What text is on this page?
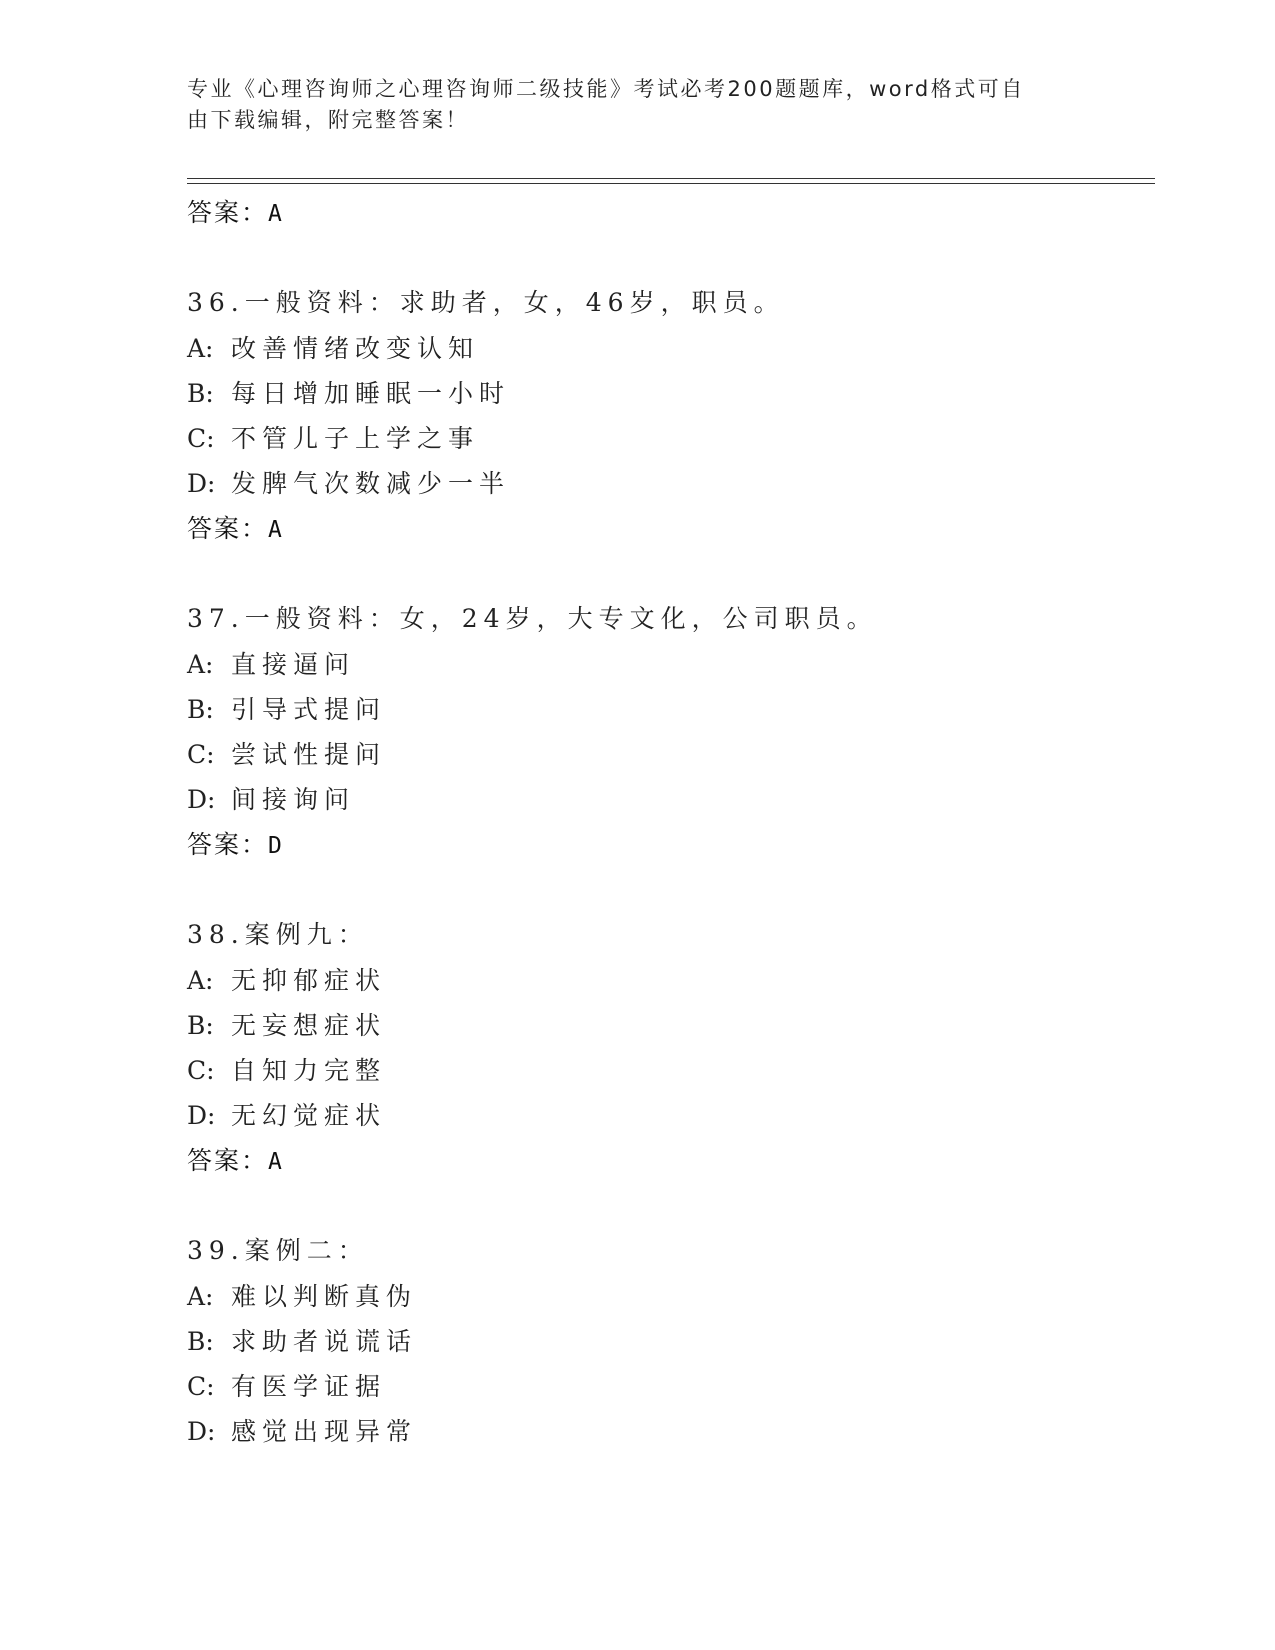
专业《心理咨询师之心理咨询师二级技能》考试必考200题题库，word格式可自
由下载编辑，附完整答案！
答案：A
36.一般资料：求助者，女，46岁，职员。
A: 改善情绪改变认知
B: 每日增加睡眠一小时
C: 不管儿子上学之事
D: 发脾气次数减少一半
答案：A
37.一般资料：女，24岁，大专文化，公司职员。
A: 直接逼问
B: 引导式提问
C: 尝试性提问
D: 间接询问
答案：D
38.案例九：
A: 无抑郁症状
B: 无妄想症状
C: 自知力完整
D: 无幻觉症状
答案：A
39.案例二：
A: 难以判断真伪
B: 求助者说谎话
C: 有医学证据
D: 感觉出现异常
